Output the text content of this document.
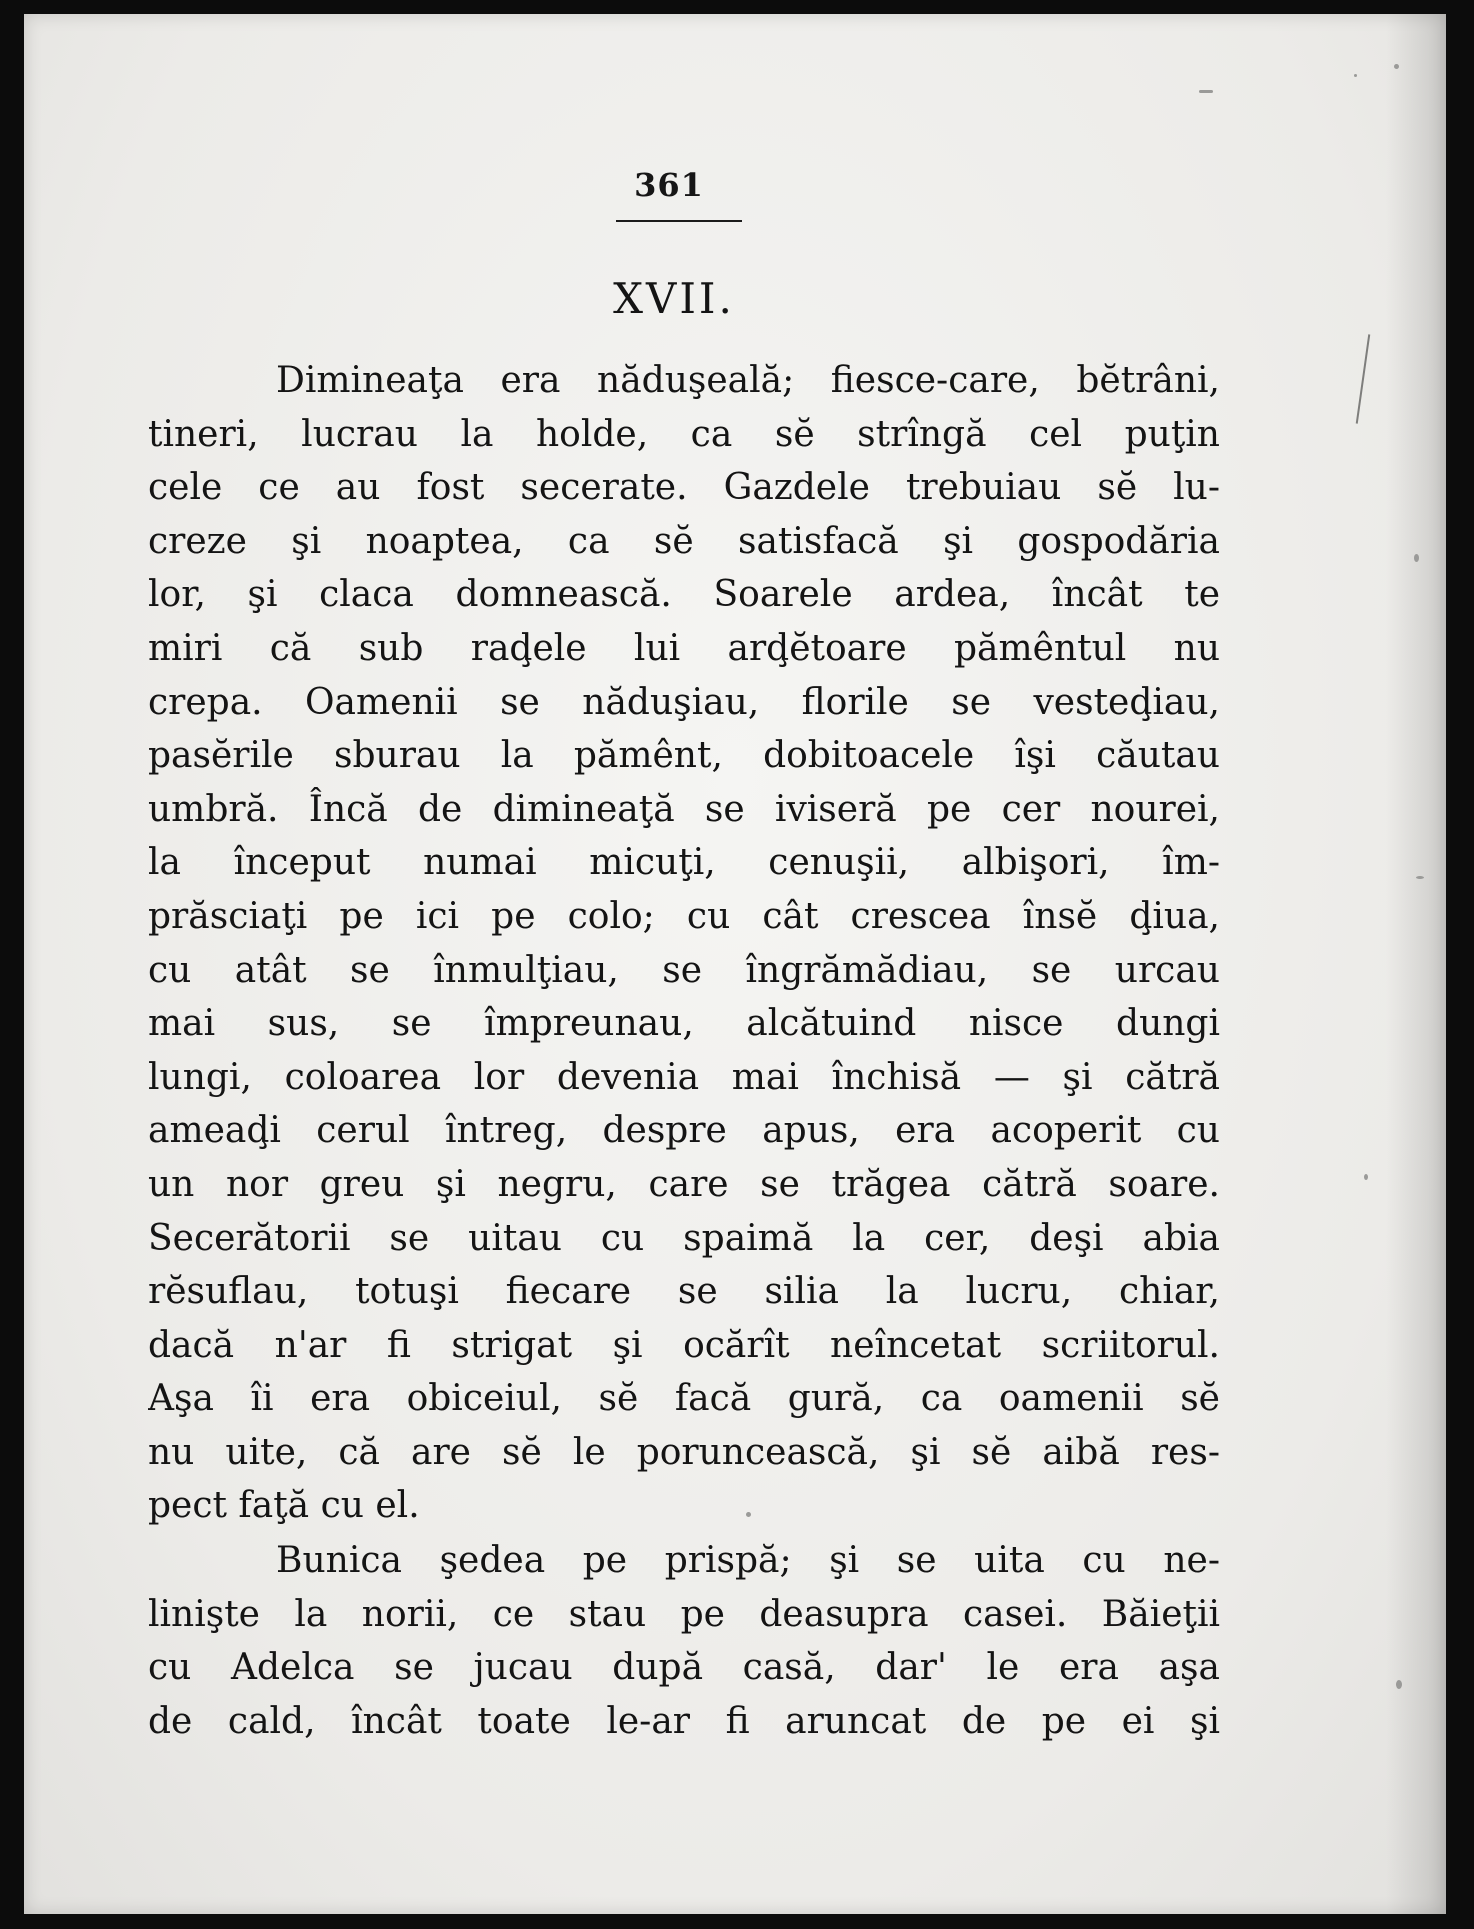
361
XVII.
Dimineaţa era năduşeală; fiesce-care, bĕtrâni,
tineri, lucrau la holde, ca sĕ strîngă cel puţin
cele ce au fost secerate. Gazdele trebuiau sĕ lu-
creze şi noaptea, ca sĕ satisfacă şi gospodăria
lor, şi claca domnească. Soarele ardea, încât te
miri că sub raḑele lui arḑĕtoare pămêntul nu
crepa. Oamenii se năduşiau, florile se vesteḑiau,
pasĕrile sburau la pămênt, dobitoacele îşi căutau
umbră. Încă de dimineaţă se iviseră pe cer nourei,
la început numai micuţi, cenuşii, albişori, îm-
prăsciaţi pe ici pe colo; cu cât crescea însĕ ḑiua,
cu atât se înmulţiau, se îngrămădiau, se urcau
mai sus, se împreunau, alcătuind nisce dungi
lungi, coloarea lor devenia mai închisă — şi cătră
ameaḑi cerul întreg, despre apus, era acoperit cu
un nor greu şi negru, care se trăgea cătră soare.
Secerătorii se uitau cu spaimă la cer, deşi abia
rĕsuflau, totuşi fiecare se silia la lucru, chiar,
dacă n'ar fi strigat şi ocărît neîncetat scriitorul.
Aşa îi era obiceiul, sĕ facă gură, ca oamenii sĕ
nu uite, că are sĕ le poruncească, şi sĕ aibă res-
pect faţă cu el.
Bunica şedea pe prispă; şi se uita cu ne-
linişte la norii, ce stau pe deasupra casei. Băieţii
cu Adelca se jucau după casă, dar' le era aşa
de cald, încât toate le-ar fi aruncat de pe ei şi
